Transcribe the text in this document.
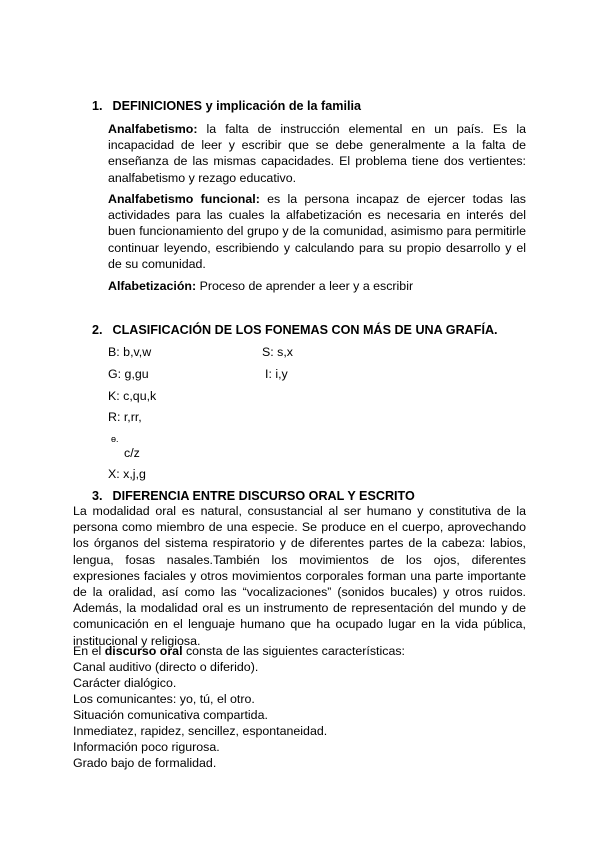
1. DEFINICIONES y implicación de la familia
Analfabetismo: la falta de instrucción elemental en un país. Es la incapacidad de leer y escribir que se debe generalmente a la falta de enseñanza de las mismas capacidades. El problema tiene dos vertientes: analfabetismo y rezago educativo.
Analfabetismo funcional: es la persona incapaz de ejercer todas las actividades para las cuales la alfabetización es necesaria en interés del buen funcionamiento del grupo y de la comunidad, asimismo para permitirle continuar leyendo, escribiendo y calculando para su propio desarrollo y el de su comunidad.
Alfabetización: Proceso de aprender a leer y a escribir
2. CLASIFICACIÓN DE LOS FONEMAS CON MÁS DE UNA GRAFÍA.
B: b,v,w	S: s,x
G: g,gu	I: i,y
K: c,qu,k
R: r,rr,
ɵ.
c/z
X: x,j,g
3. DIFERENCIA ENTRE DISCURSO ORAL Y ESCRITO
La modalidad oral es natural, consustancial al ser humano y constitutiva de la persona como miembro de una especie. Se produce en el cuerpo, aprovechando los órganos del sistema respiratorio y de diferentes partes de la cabeza: labios, lengua, fosas nasales.También los movimientos de los ojos, diferentes expresiones faciales y otros movimientos corporales forman una parte importante de la oralidad, así como las “vocalizaciones” (sonidos bucales) y otros ruidos. Además, la modalidad oral es un instrumento de representación del mundo y de comunicación en el lenguaje humano que ha ocupado lugar en la vida pública, institucional y religiosa.
En el discurso oral consta de las siguientes características:
Canal auditivo (directo o diferido).
Carácter dialógico.
Los comunicantes: yo, tú, el otro.
Situación comunicativa compartida.
Inmediatez, rapidez, sencillez, espontaneidad.
Información poco rigurosa.
Grado bajo de formalidad.
